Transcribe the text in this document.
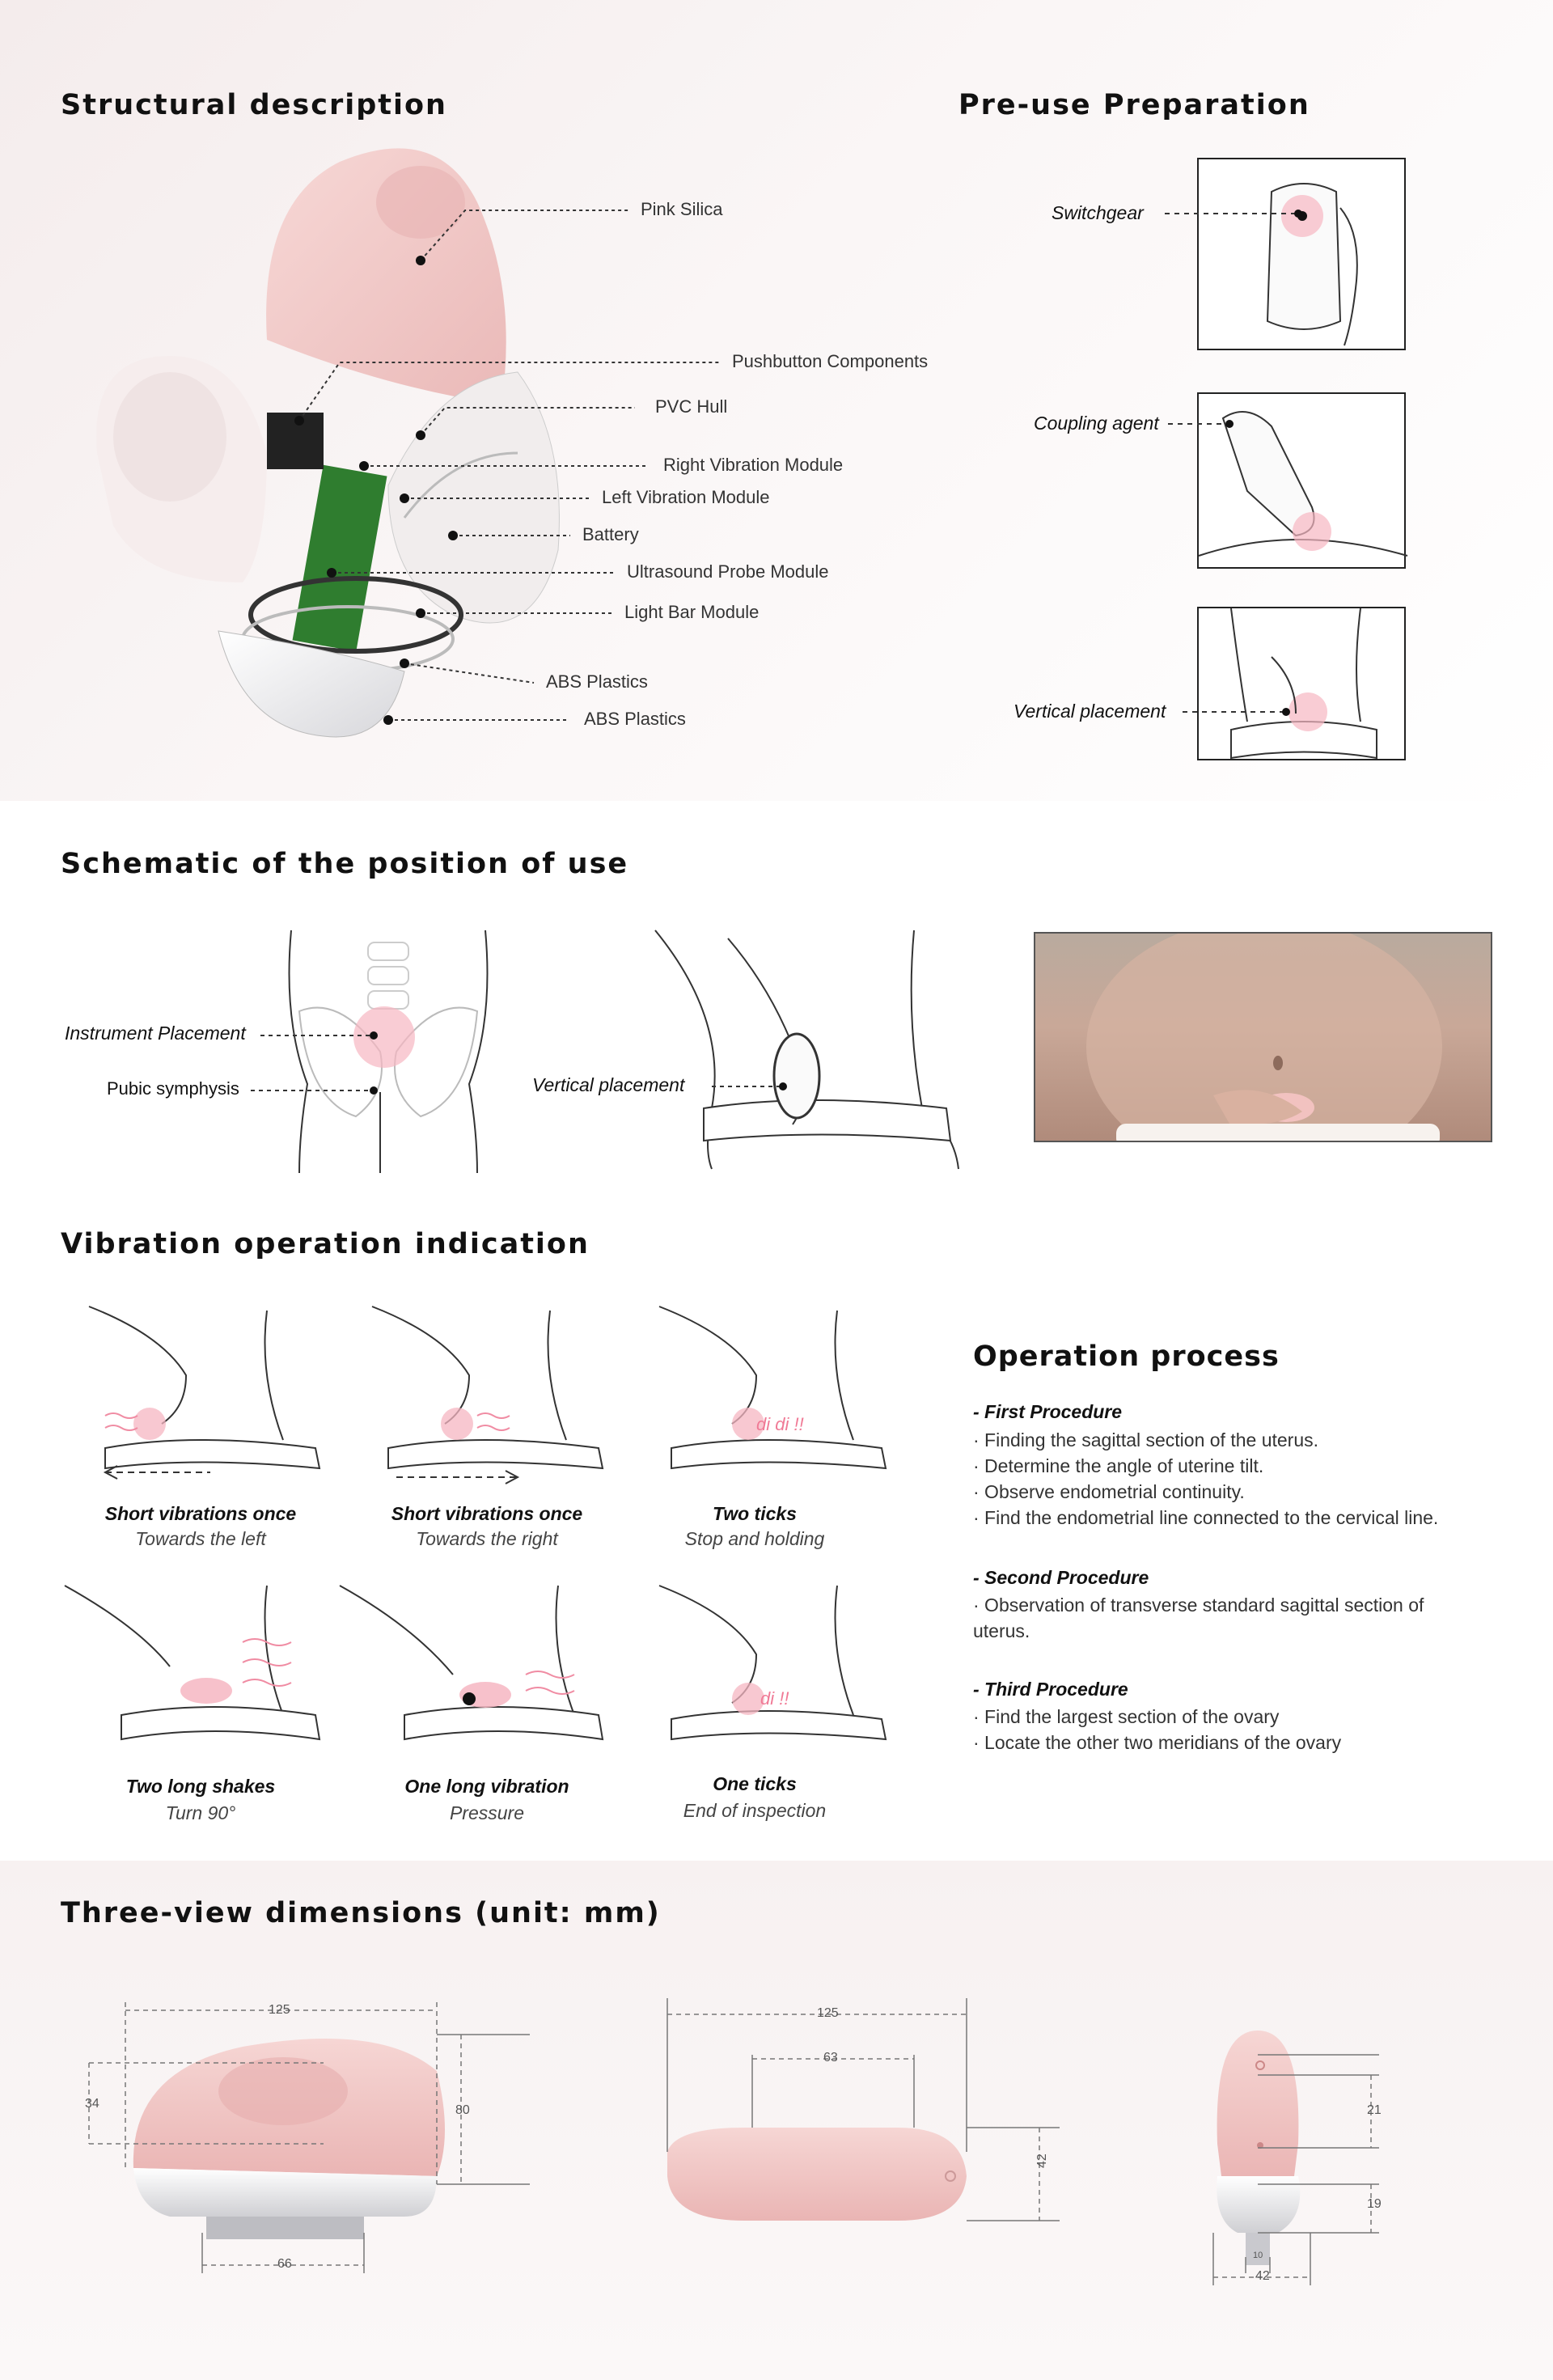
Structural description
Pink Silica
Pushbutton Components
PVC Hull
Right Vibration Module
Left Vibration Module
Battery
Ultrasound Probe Module
Light Bar Module
ABS Plastics
ABS Plastics
Pre-use Preparation
Switchgear
Coupling agent
Vertical placement
Schematic of the position of use
Instrument Placement
Pubic symphysis	Vertical placement
Vibration operation indication
di di !!
di !!
Short vibrations once
Towards the left
Short vibrations once
Towards the right
Two ticks
Stop and holding
Two long shakes
Turn 90°
One long vibration
Pressure
One ticks
End of inspection
Operation process
- First Procedure
· Finding the sagittal section of the uterus.
· Determine the angle of uterine tilt.
· Observe endometrial continuity.
· Find the endometrial line connected to the cervical line.
- Second Procedure
· Observation of transverse standard sagittal section of
uterus.
- Third Procedure
· Find the largest section of the ovary
· Locate the other two meridians of the ovary
Three-view dimensions (unit: mm)
125
80
34
66
125
63
42
21
19
42
10
